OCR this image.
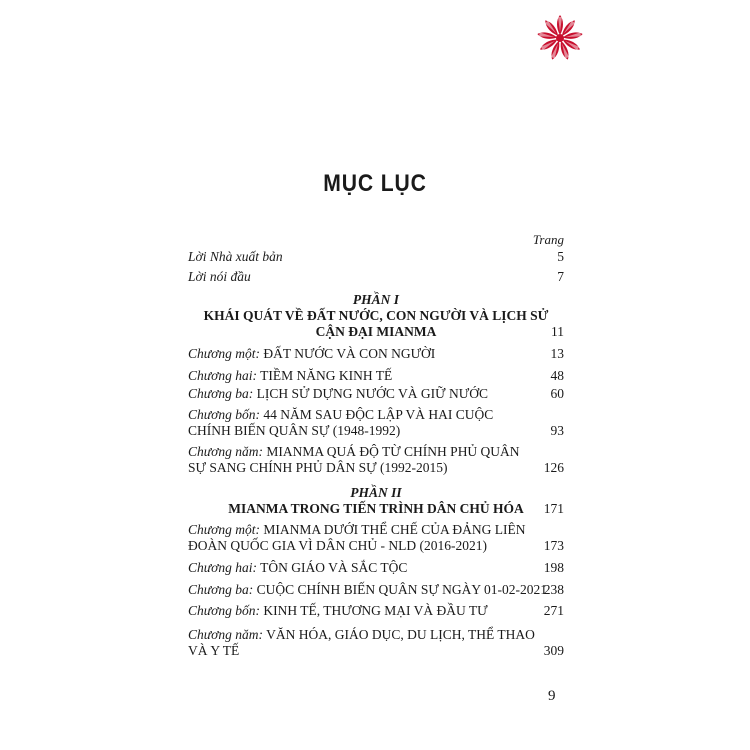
MỤC LỤC
Trang
Lời Nhà xuất bản	5
Lời nói đầu	7
PHẦN I
KHÁI QUÁT VỀ ĐẤT NƯỚC, CON NGƯỜI VÀ LỊCH SỬ CẬN ĐẠI MIANMA	11
Chương một: ĐẤT NƯỚC VÀ CON NGƯỜI	13
Chương hai: TIỀM NĂNG KINH TẾ	48
Chương ba: LỊCH SỬ DỰNG NƯỚC VÀ GIỮ NƯỚC	60
Chương bốn: 44 NĂM SAU ĐỘC LẬP VÀ HAI CUỘC
CHÍNH BIẾN QUÂN SỰ (1948-1992)	93
Chương năm: MIANMA QUÁ ĐỘ TỪ CHÍNH PHỦ QUÂN
SỰ SANG CHÍNH PHỦ DÂN SỰ (1992-2015)	126
PHẦN II
MIANMA TRONG TIẾN TRÌNH DÂN CHỦ HÓA 171
Chương một: MIANMA DƯỚI THỂ CHẾ CỦA ĐẢNG LIÊN
ĐOÀN QUỐC GIA VÌ DÂN CHỦ - NLD (2016-2021)	173
Chương hai: TÔN GIÁO VÀ SẮC TỘC	198
Chương ba: CUỘC CHÍNH BIẾN QUÂN SỰ NGÀY 01-02-2021
238
Chương bốn: KINH TẾ, THƯƠNG MẠI VÀ ĐẦU TƯ	271
Chương năm: VĂN HÓA, GIÁO DỤC, DU LỊCH, THỂ THAO
VÀ Y TẾ	309
9
